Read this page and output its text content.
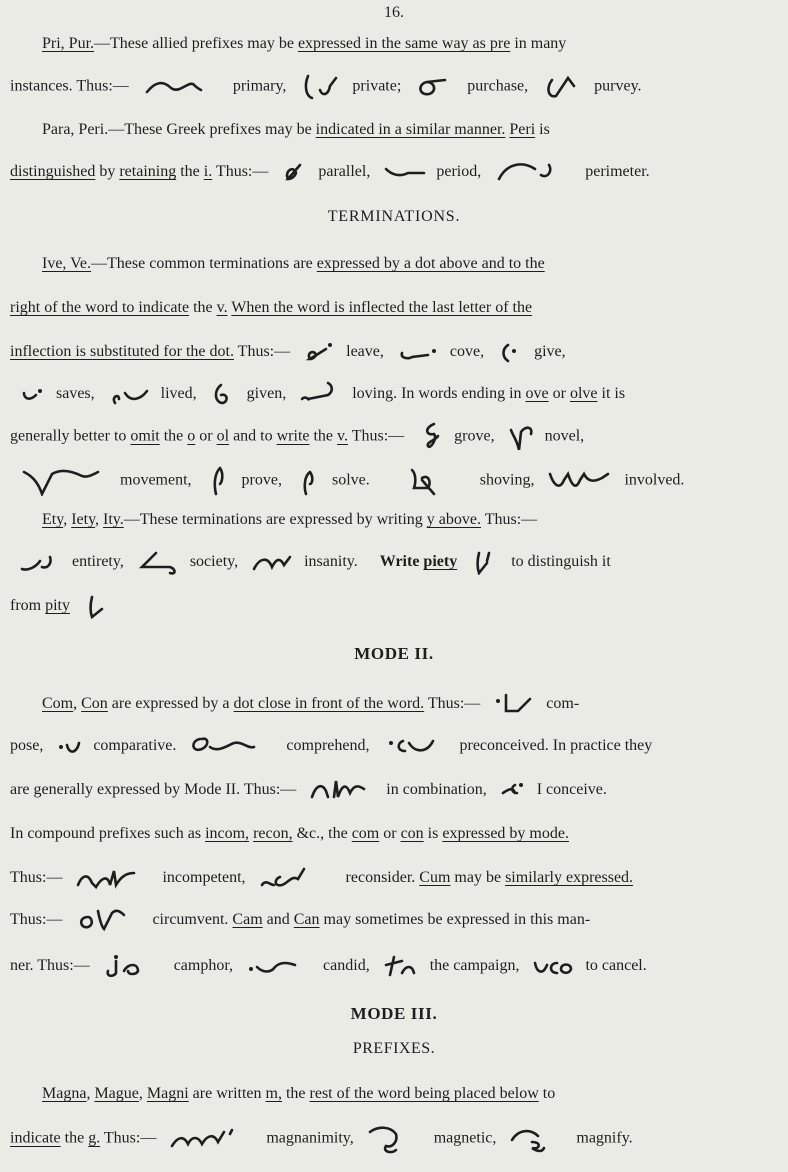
16.
Pri, Pur.—These allied prefixes may be expressed in the same way as pre in many
instances. Thus:—	primary,	private;	purchase,	purvey.
Para, Peri.—These Greek prefixes may be indicated in a similar manner. Peri is
distinguished by retaining the i. Thus:—	parallel,	period,	perimeter.
TERMINATIONS.
Ive, Ve.—These common terminations are expressed by a dot above and to the
right of the word to indicate the v. When the word is inflected the last letter of the
inflection is substituted for the dot. Thus:—	leave,	cove,	give,
saves,	lived,	given,	loving. In words ending in ove or olve it is
generally better to omit the o or ol and to write the v. Thus:—	grove,	novel,
movement,	prove,	solve.	shoving,	involved.
Ety, Iety, Ity.—These terminations are expressed by writing y above. Thus:—
entirety,	society,	insanity. Write piety	to distinguish it
from pity
MODE II.
Com, Con are expressed by a dot close in front of the word. Thus:—	com-
pose,	comparative.	comprehend,	preconceived. In practice they
are generally expressed by Mode II. Thus:—	in combination,	I conceive.
In compound prefixes such as incom, recon, &c., the com or con is expressed by mode.
Thus:—	incompetent,	reconsider. Cum may be similarly expressed.
Thus:—	circumvent. Cam and Can may sometimes be expressed in this man-
ner. Thus:—	camphor,	candid,	the campaign,	to cancel.
MODE III.
PREFIXES.
Magna, Mague, Magni are written m, the rest of the word being placed below to
indicate the g. Thus:—	magnanimity,	magnetic,	magnify.
